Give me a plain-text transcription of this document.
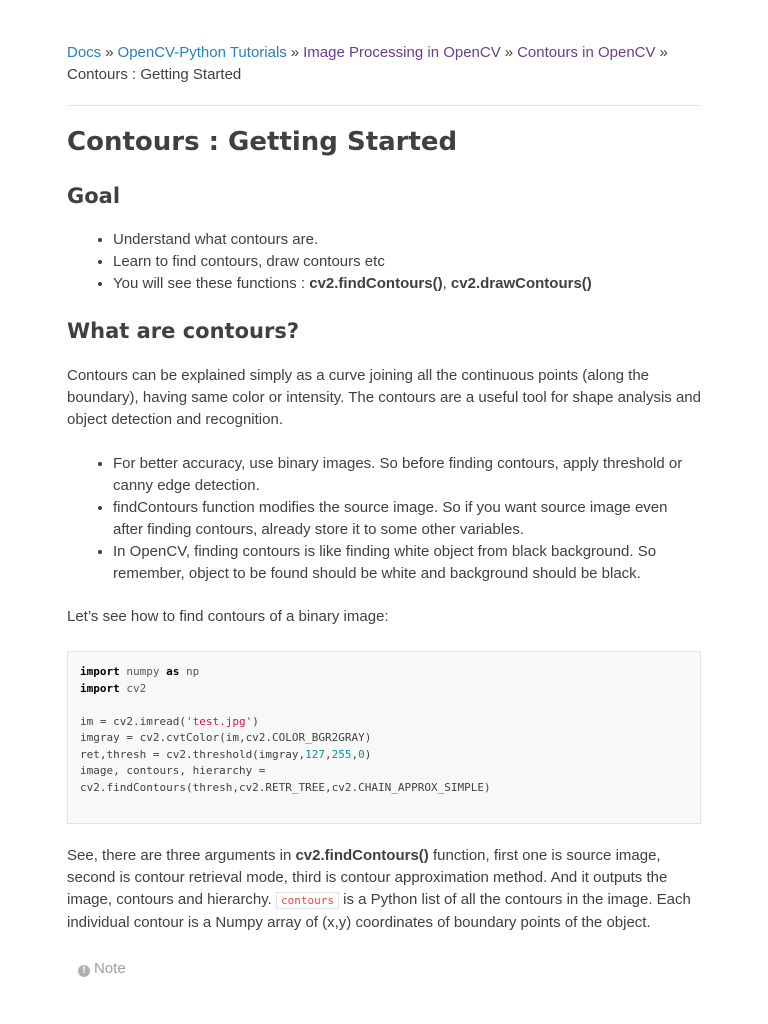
Docs » OpenCV-Python Tutorials » Image Processing in OpenCV » Contours in OpenCV »
Contours : Getting Started
Contours : Getting Started
Goal
• Understand what contours are.
• Learn to find contours, draw contours etc
• You will see these functions : cv2.findContours(), cv2.drawContours()
What are contours?

Contours can be explained simply as a curve joining all the continuous points (along the boundary), having same color or intensity. The contours are a useful tool for shape analysis and object detection and recognition.

• For better accuracy, use binary images. So before finding contours, apply threshold or canny edge detection.
• findContours function modifies the source image. So if you want source image even after finding contours, already store it to some other variables.
• In OpenCV, finding contours is like finding white object from black background. So remember, object to be found should be white and background should be black.

Let’s see how to find contours of a binary image:

import numpy as np
import cv2

im = cv2.imread('test.jpg')
imgray = cv2.cvtColor(im,cv2.COLOR_BGR2GRAY)
ret,thresh = cv2.threshold(imgray,127,255,0)
image, contours, hierarchy =
cv2.findContours(thresh,cv2.RETR_TREE,cv2.CHAIN_APPROX_SIMPLE)

See, there are three arguments in cv2.findContours() function, first one is source image, second is contour retrieval mode, third is contour approximation method. And it outputs the image, contours and hierarchy. contours is a Python list of all the contours in the image. Each individual contour is a Numpy array of (x,y) coordinates of boundary points of the object.

! Note
